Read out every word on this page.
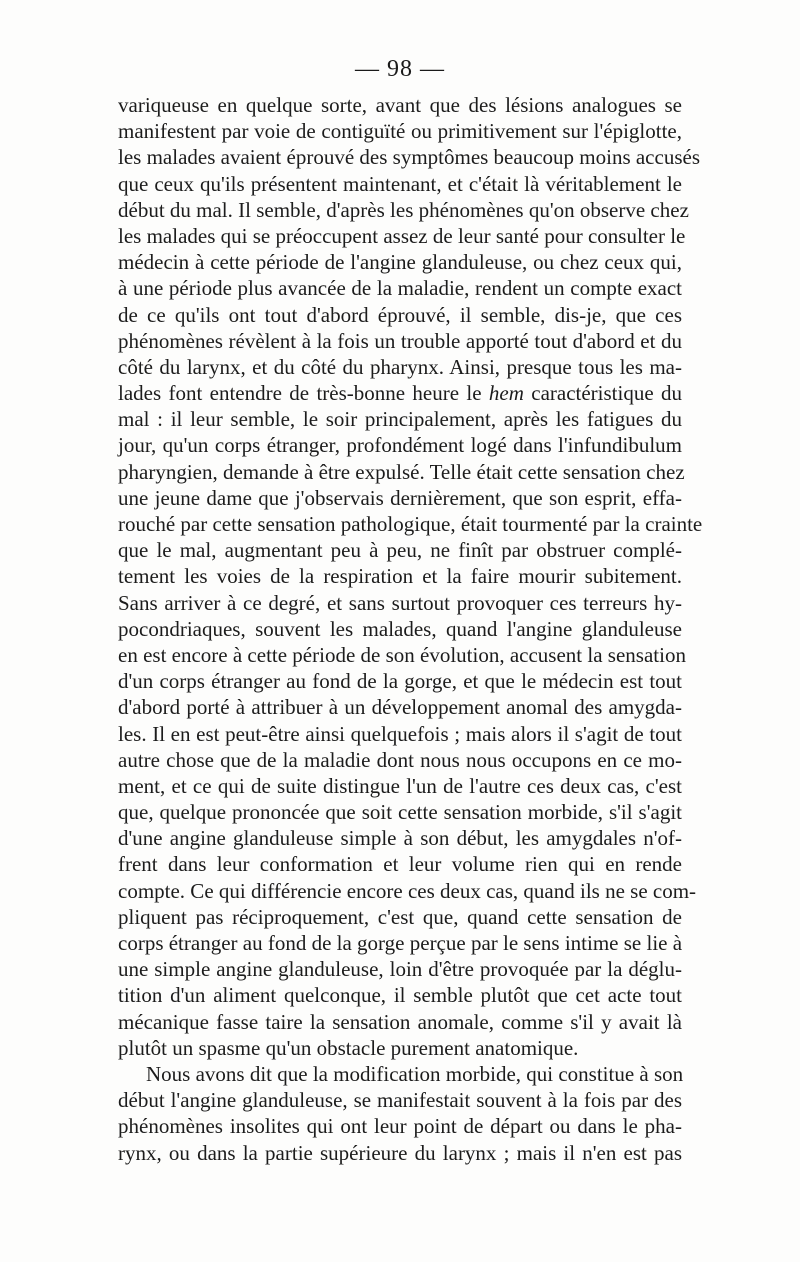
— 98 —
variqueuse en quelque sorte, avant que des lésions analogues se
manifestent par voie de contiguïté ou primitivement sur l'épiglotte,
les malades avaient éprouvé des symptômes beaucoup moins accusés
que ceux qu'ils présentent maintenant, et c'était là véritablement le
début du mal. Il semble, d'après les phénomènes qu'on observe chez
les malades qui se préoccupent assez de leur santé pour consulter le
médecin à cette période de l'angine glanduleuse, ou chez ceux qui,
à une période plus avancée de la maladie, rendent un compte exact
de ce qu'ils ont tout d'abord éprouvé, il semble, dis-je, que ces
phénomènes révèlent à la fois un trouble apporté tout d'abord et du
côté du larynx, et du côté du pharynx. Ainsi, presque tous les ma-
lades font entendre de très-bonne heure le hem caractéristique du
mal : il leur semble, le soir principalement, après les fatigues du
jour, qu'un corps étranger, profondément logé dans l'infundibulum
pharyngien, demande à être expulsé. Telle était cette sensation chez
une jeune dame que j'observais dernièrement, que son esprit, effa-
rouché par cette sensation pathologique, était tourmenté par la crainte
que le mal, augmentant peu à peu, ne finît par obstruer complé-
tement les voies de la respiration et la faire mourir subitement.
Sans arriver à ce degré, et sans surtout provoquer ces terreurs hy-
pocondriaques, souvent les malades, quand l'angine glanduleuse
en est encore à cette période de son évolution, accusent la sensation
d'un corps étranger au fond de la gorge, et que le médecin est tout
d'abord porté à attribuer à un développement anomal des amygda-
les. Il en est peut-être ainsi quelquefois ; mais alors il s'agit de tout
autre chose que de la maladie dont nous nous occupons en ce mo-
ment, et ce qui de suite distingue l'un de l'autre ces deux cas, c'est
que, quelque prononcée que soit cette sensation morbide, s'il s'agit
d'une angine glanduleuse simple à son début, les amygdales n'of-
frent dans leur conformation et leur volume rien qui en rende
compte. Ce qui différencie encore ces deux cas, quand ils ne se com-
pliquent pas réciproquement, c'est que, quand cette sensation de
corps étranger au fond de la gorge perçue par le sens intime se lie à
une simple angine glanduleuse, loin d'être provoquée par la déglu-
tition d'un aliment quelconque, il semble plutôt que cet acte tout
mécanique fasse taire la sensation anomale, comme s'il y avait là
plutôt un spasme qu'un obstacle purement anatomique.
Nous avons dit que la modification morbide, qui constitue à son
début l'angine glanduleuse, se manifestait souvent à la fois par des
phénomènes insolites qui ont leur point de départ ou dans le pha-
rynx, ou dans la partie supérieure du larynx ; mais il n'en est pas
